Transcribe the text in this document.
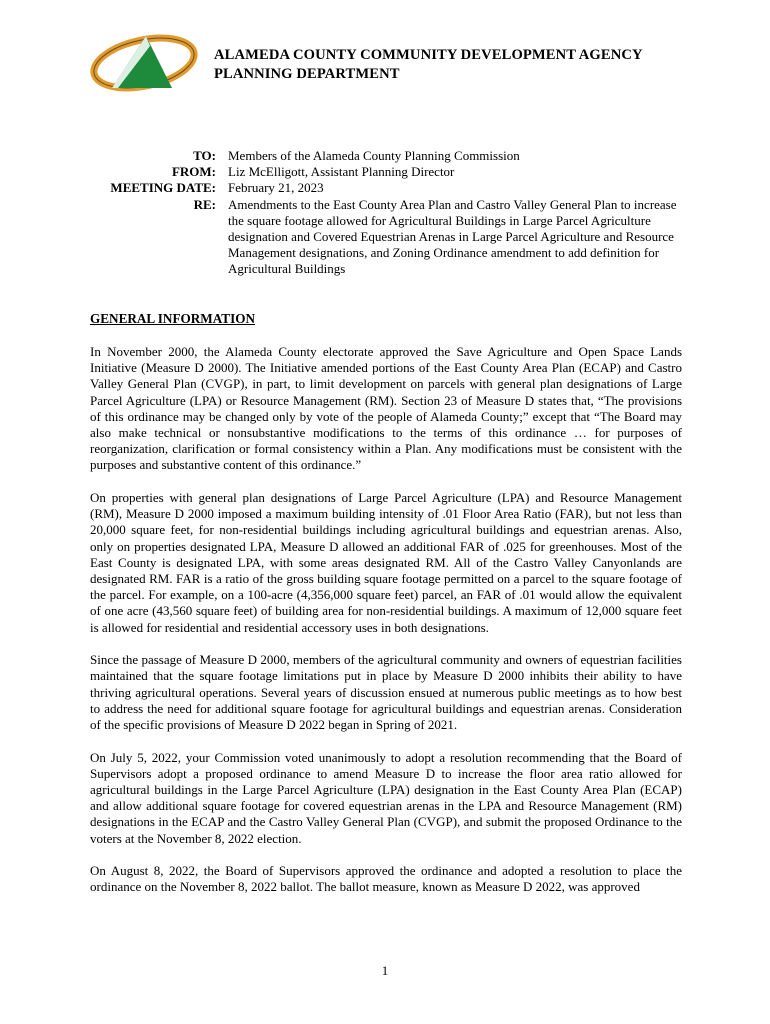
ALAMEDA COUNTY COMMUNITY DEVELOPMENT AGENCY
PLANNING DEPARTMENT
TO: Members of the Alameda County Planning Commission
FROM: Liz McElligott, Assistant Planning Director
MEETING DATE: February 21, 2023
RE: Amendments to the East County Area Plan and Castro Valley General Plan to increase the square footage allowed for Agricultural Buildings in Large Parcel Agriculture designation and Covered Equestrian Arenas in Large Parcel Agriculture and Resource Management designations, and Zoning Ordinance amendment to add definition for Agricultural Buildings
GENERAL INFORMATION

In November 2000, the Alameda County electorate approved the Save Agriculture and Open Space Lands Initiative (Measure D 2000). The Initiative amended portions of the East County Area Plan (ECAP) and Castro Valley General Plan (CVGP), in part, to limit development on parcels with general plan designations of Large Parcel Agriculture (LPA) or Resource Management (RM). Section 23 of Measure D states that, “The provisions of this ordinance may be changed only by vote of the people of Alameda County;” except that “The Board may also make technical or nonsubstantive modifications to the terms of this ordinance … for purposes of reorganization, clarification or formal consistency within a Plan. Any modifications must be consistent with the purposes and substantive content of this ordinance.”

On properties with general plan designations of Large Parcel Agriculture (LPA) and Resource Management (RM), Measure D 2000 imposed a maximum building intensity of .01 Floor Area Ratio (FAR), but not less than 20,000 square feet, for non-residential buildings including agricultural buildings and equestrian arenas. Also, only on properties designated LPA, Measure D allowed an additional FAR of .025 for greenhouses. Most of the East County is designated LPA, with some areas designated RM. All of the Castro Valley Canyonlands are designated RM. FAR is a ratio of the gross building square footage permitted on a parcel to the square footage of the parcel. For example, on a 100-acre (4,356,000 square feet) parcel, an FAR of .01 would allow the equivalent of one acre (43,560 square feet) of building area for non-residential buildings. A maximum of 12,000 square feet is allowed for residential and residential accessory uses in both designations.

Since the passage of Measure D 2000, members of the agricultural community and owners of equestrian facilities maintained that the square footage limitations put in place by Measure D 2000 inhibits their ability to have thriving agricultural operations. Several years of discussion ensued at numerous public meetings as to how best to address the need for additional square footage for agricultural buildings and equestrian arenas. Consideration of the specific provisions of Measure D 2022 began in Spring of 2021.

On July 5, 2022, your Commission voted unanimously to adopt a resolution recommending that the Board of Supervisors adopt a proposed ordinance to amend Measure D to increase the floor area ratio allowed for agricultural buildings in the Large Parcel Agriculture (LPA) designation in the East County Area Plan (ECAP) and allow additional square footage for covered equestrian arenas in the LPA and Resource Management (RM) designations in the ECAP and the Castro Valley General Plan (CVGP), and submit the proposed Ordinance to the voters at the November 8, 2022 election.

On August 8, 2022, the Board of Supervisors approved the ordinance and adopted a resolution to place the ordinance on the November 8, 2022 ballot. The ballot measure, known as Measure D 2022, was approved

1
